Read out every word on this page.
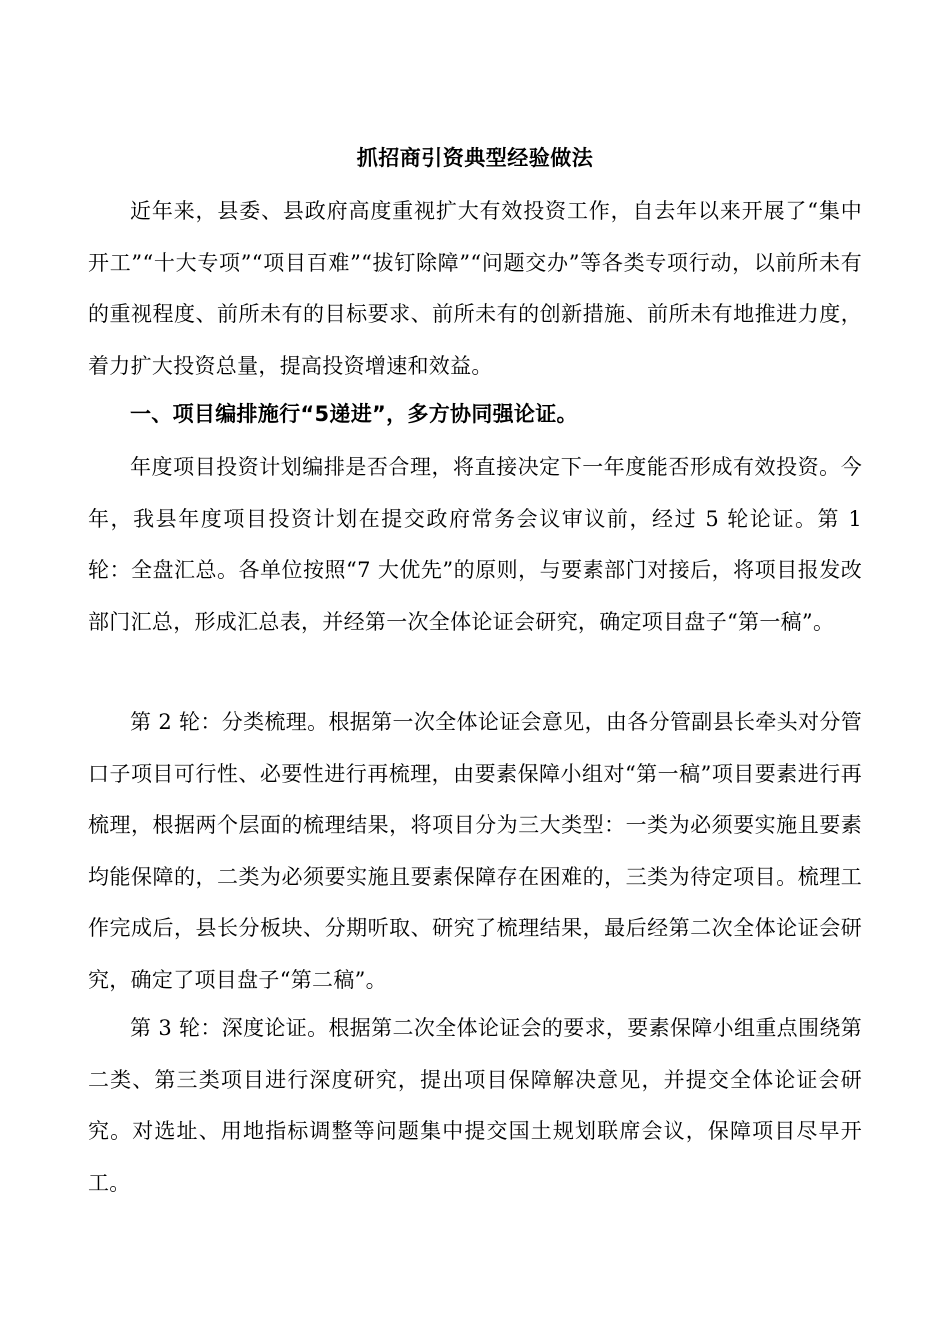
抓招商引资典型经验做法

近年来，县委、县政府高度重视扩大有效投资工作，自去年以来开展了“集中开工”“十大专项”“项目百难”“拔钉除障”“问题交办”等各类专项行动，以前所未有的重视程度、前所未有的目标要求、前所未有的创新措施、前所未有地推进力度，着力扩大投资总量，提高投资增速和效益。

一、项目编排施行“5递进”，多方协同强论证。

年度项目投资计划编排是否合理，将直接决定下一年度能否形成有效投资。今年，我县年度项目投资计划在提交政府常务会议审议前，经过 5 轮论证。第 1 轮：全盘汇总。各单位按照“7 大优先”的原则，与要素部门对接后，将项目报发改部门汇总，形成汇总表，并经第一次全体论证会研究，确定项目盘子“第一稿”。

第 2 轮：分类梳理。根据第一次全体论证会意见，由各分管副县长牵头对分管口子项目可行性、必要性进行再梳理，由要素保障小组对“第一稿”项目要素进行再梳理，根据两个层面的梳理结果，将项目分为三大类型：一类为必须要实施且要素均能保障的，二类为必须要实施且要素保障存在困难的，三类为待定项目。梳理工作完成后，县长分板块、分期听取、研究了梳理结果，最后经第二次全体论证会研究，确定了项目盘子“第二稿”。

第 3 轮：深度论证。根据第二次全体论证会的要求，要素保障小组重点围绕第二类、第三类项目进行深度研究，提出项目保障解决意见，并提交全体论证会研究。对选址、用地指标调整等问题集中提交国土规划联席会议，保障项目尽早开工。
